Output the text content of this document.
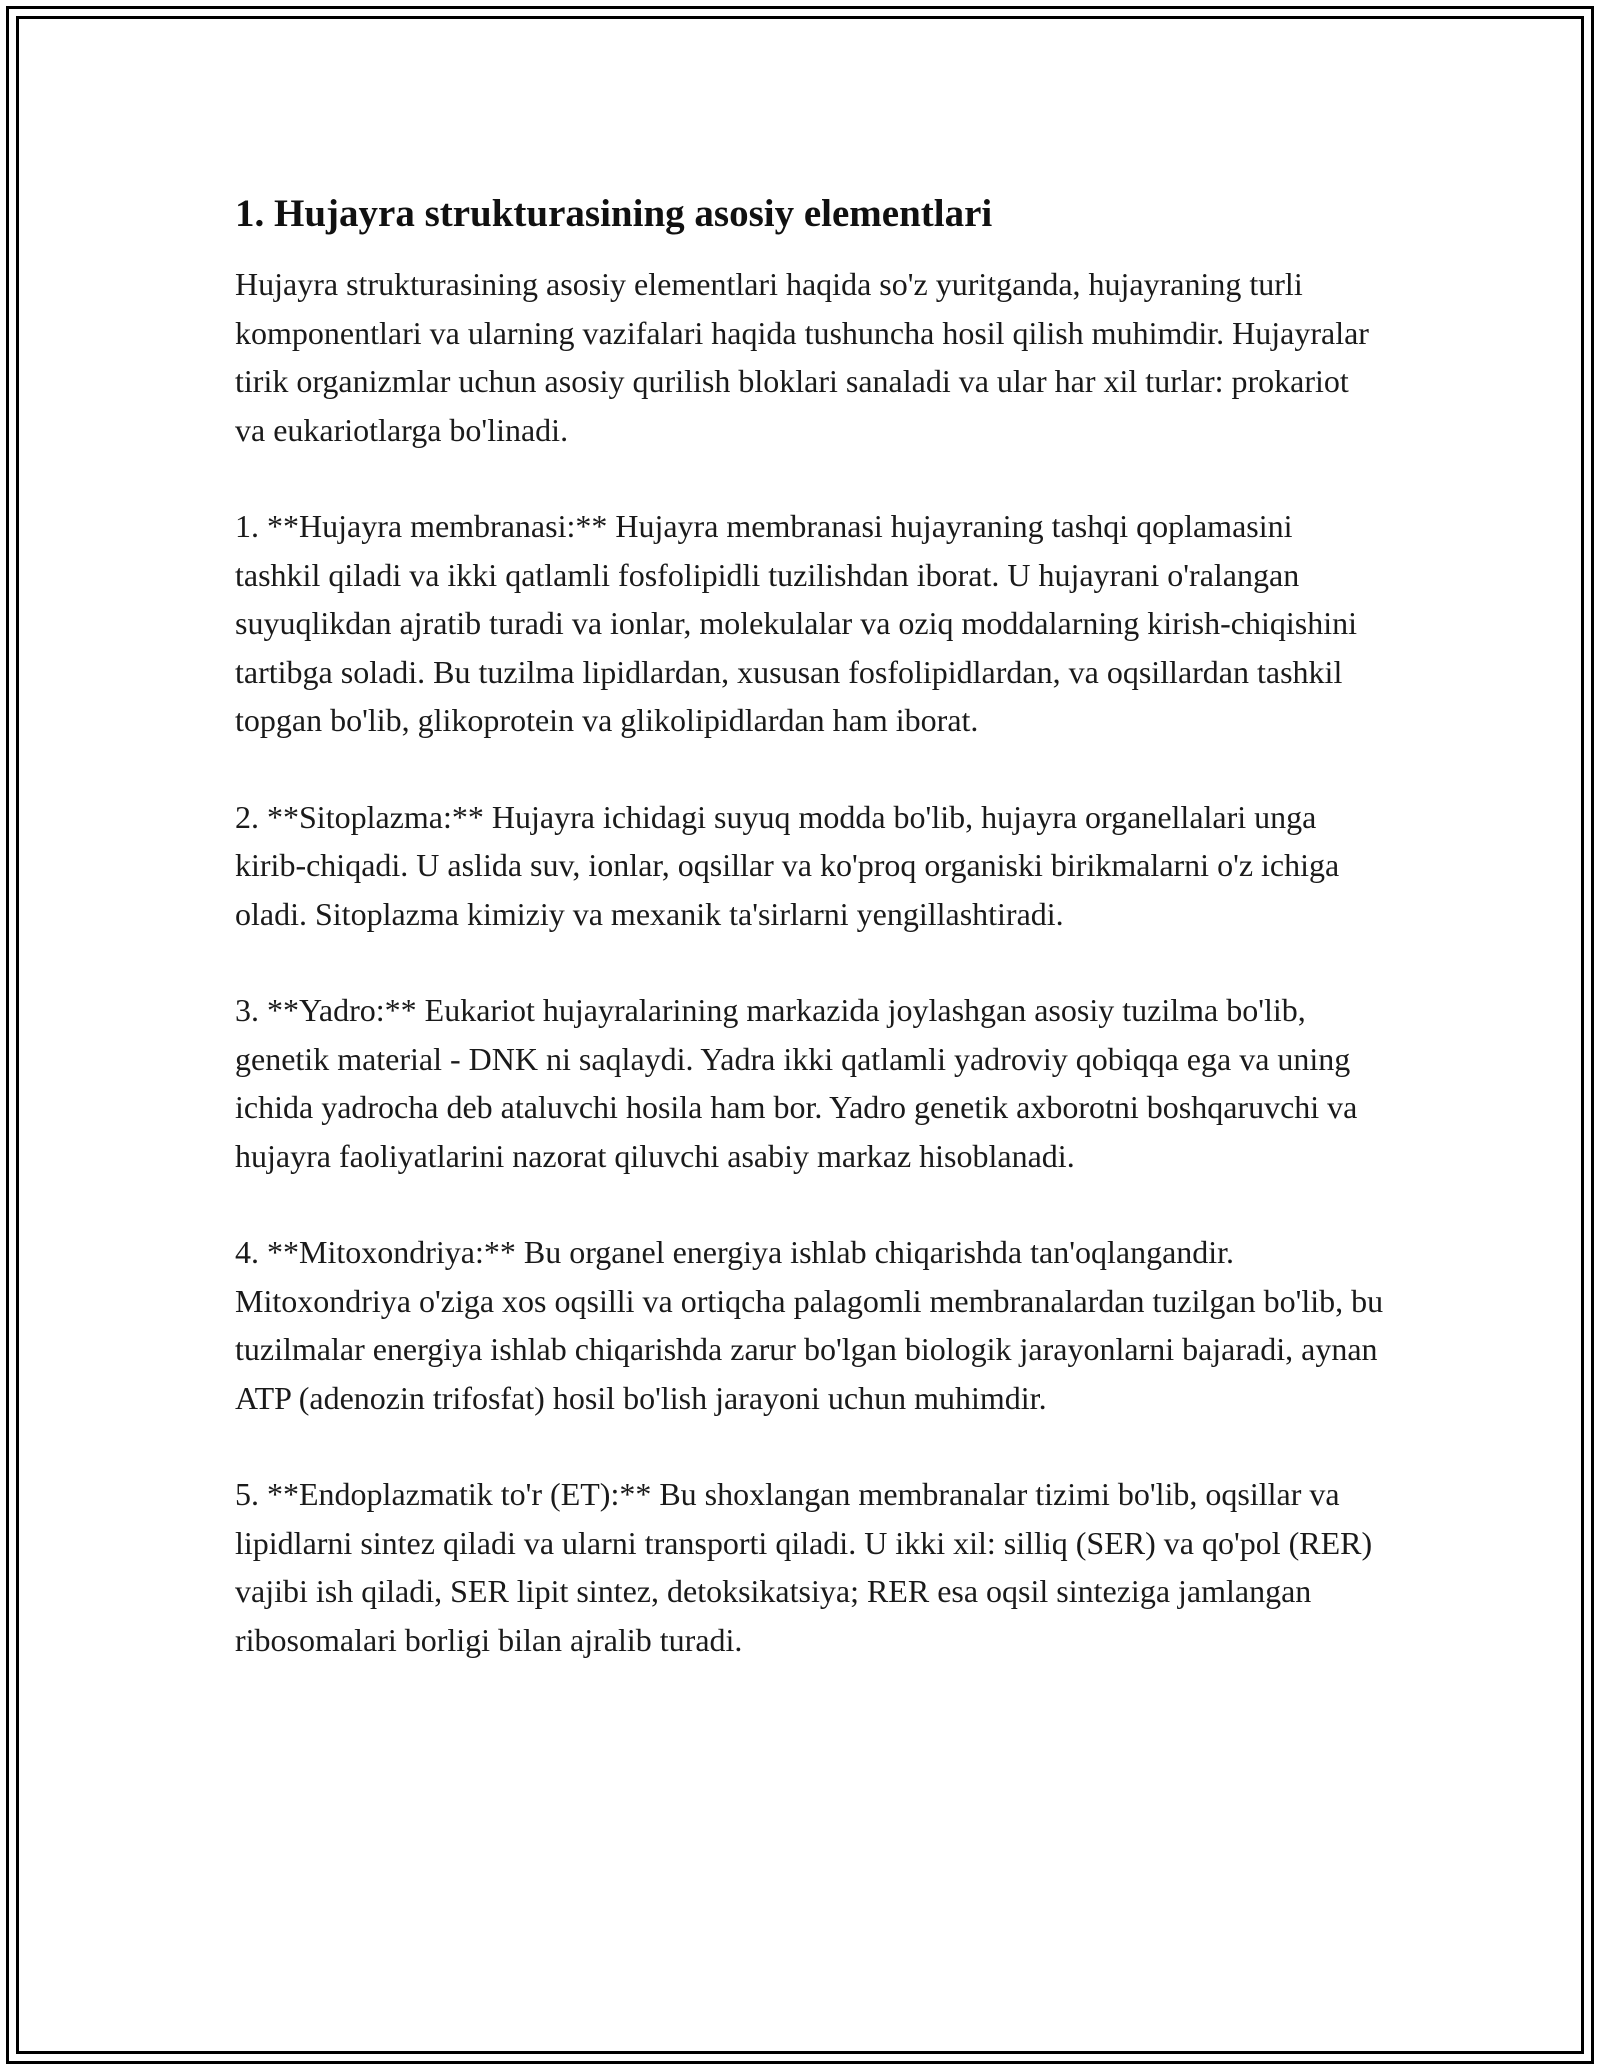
1. Hujayra strukturasining asosiy elementlari

Hujayra strukturasining asosiy elementlari haqida so'z yuritganda, hujayraning turli komponentlari va ularning vazifalari haqida tushuncha hosil qilish muhimdir. Hujayralar tirik organizmlar uchun asosiy qurilish bloklari sanaladi va ular har xil turlar: prokariot va eukariotlarga bo'linadi.

1. **Hujayra membranasi:** Hujayra membranasi hujayraning tashqi qoplamasini tashkil qiladi va ikki qatlamli fosfolipidli tuzilishdan iborat. U hujayrani o'ralangan suyuqlikdan ajratib turadi va ionlar, molekulalar va oziq moddalarning kirish-chiqishini tartibga soladi. Bu tuzilma lipidlardan, xususan fosfolipidlardan, va oqsillardan tashkil topgan bo'lib, glikoprotein va glikolipidlardan ham iborat.

2. **Sitoplazma:** Hujayra ichidagi suyuq modda bo'lib, hujayra organellalari unga kirib-chiqadi. U aslida suv, ionlar, oqsillar va ko'proq organiski birikmalarni o'z ichiga oladi. Sitoplazma kimiziy va mexanik ta'sirlarni yengillashtiradi.

3. **Yadro:** Eukariot hujayralarining markazida joylashgan asosiy tuzilma bo'lib, genetik material - DNK ni saqlaydi. Yadra ikki qatlamli yadroviy qobiqqa ega va uning ichida yadrocha deb ataluvchi hosila ham bor. Yadro genetik axborotni boshqaruvchi va hujayra faoliyatlarini nazorat qiluvchi asabiy markaz hisoblanadi.

4. **Mitoxondriya:** Bu organel energiya ishlab chiqarishda tan'oqlangandir. Mitoxondriya o'ziga xos oqsilli va ortiqcha palagomli membranalardan tuzilgan bo'lib, bu tuzilmalar energiya ishlab chiqarishda zarur bo'lgan biologik jarayonlarni bajaradi, aynan ATP (adenozin trifosfat) hosil bo'lish jarayoni uchun muhimdir.

5. **Endoplazmatik to'r (ET):** Bu shoxlangan membranalar tizimi bo'lib, oqsillar va lipidlarni sintez qiladi va ularni transporti qiladi. U ikki xil: silliq (SER) va qo'pol (RER) vajibi ish qiladi, SER lipit sintez, detoksikatsiya; RER esa oqsil sinteziga jamlangan ribosomalari borligi bilan ajralib turadi.
